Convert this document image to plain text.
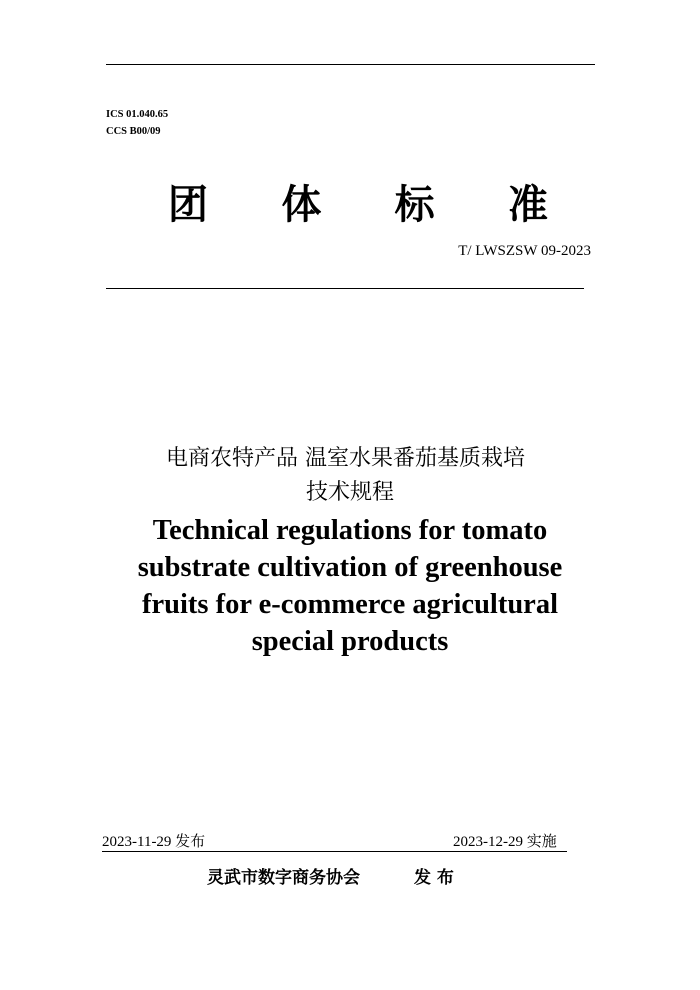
ICS 01.040.65
CCS B00/09
团 体 标 准
T/ LWSZSW 09-2023
电商农特产品 温室水果番茄基质栽培
技术规程
Technical regulations for tomato
substrate cultivation of greenhouse
fruits for e-commerce agricultural
special products
2023-11-29 发布	2023-12-29 实施
灵武市数字商务协会	发 布
